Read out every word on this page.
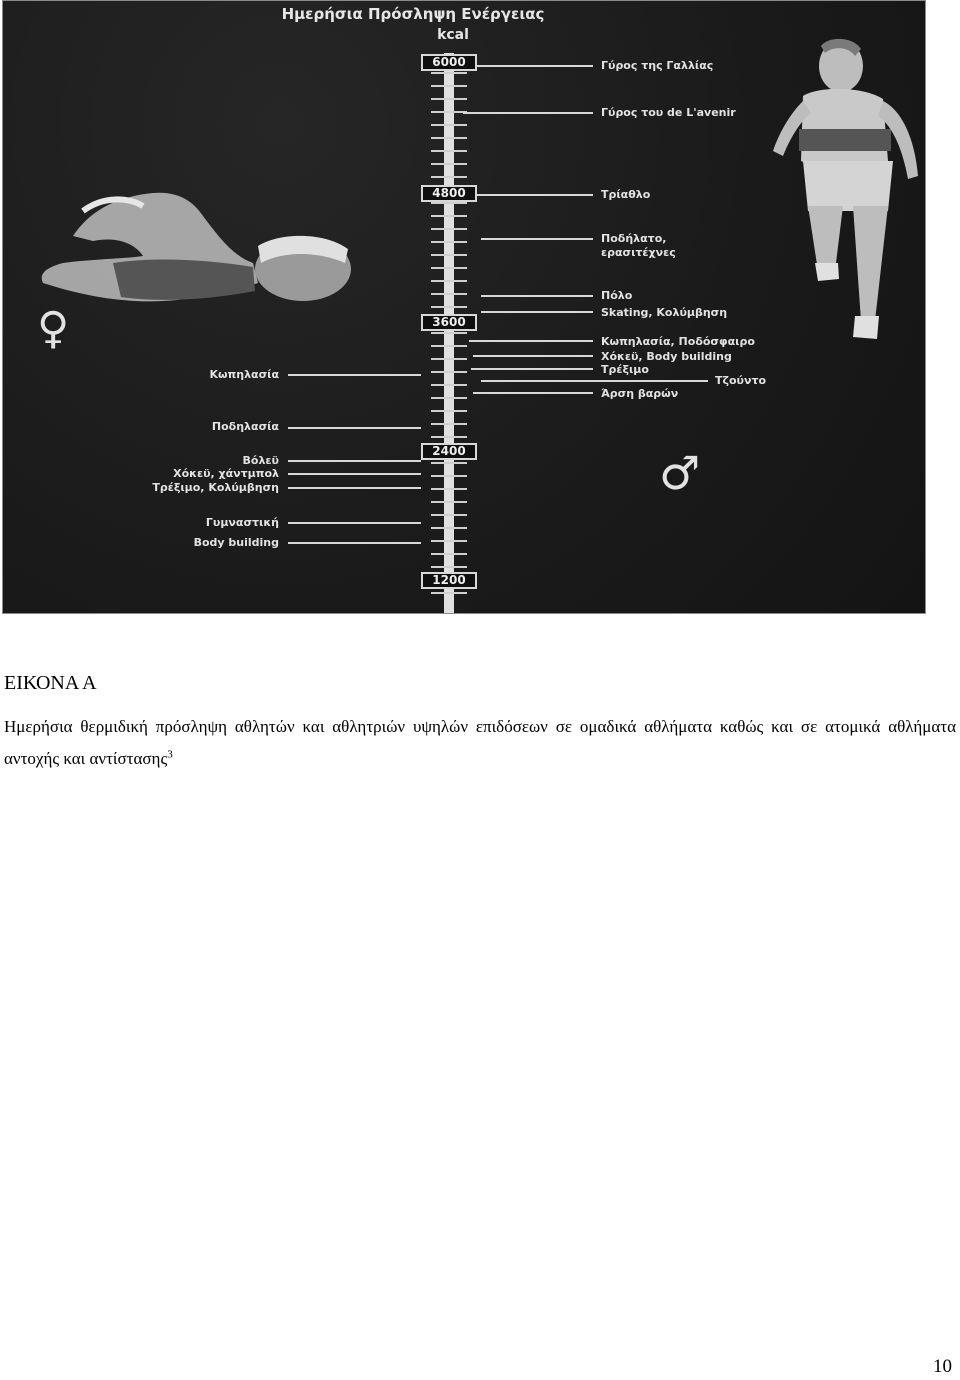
Ημερήσια Πρόσληψη Ενέργειας
kcal
6000
4800
3600
2400
1200
Γύρος της Γαλλίας
Γύρος του de L'avenir
Τρίαθλο
Ποδήλατο,
ερασιτέχνες
Πόλο
Skating, Κολύμβηση
Κωπηλασία, Ποδόσφαιρο
Χόκεϋ, Body building
Τρέξιμο
Τζούντο
Άρση βαρών
Κωπηλασία
Ποδηλασία
Βόλεϋ
Χόκεϋ, χάντμπολ
Τρέξιμο, Κολύμβηση
Γυμναστική
Body building
♀
♂
ΕΙΚΟΝΑ Α
Ημερήσια θερμιδική πρόσληψη αθλητών και αθλητριών υψηλών επιδόσεων σε ομαδικά αθλήματα καθώς και σε ατομικά αθλήματα αντοχής και αντίστασης$^3$
10
